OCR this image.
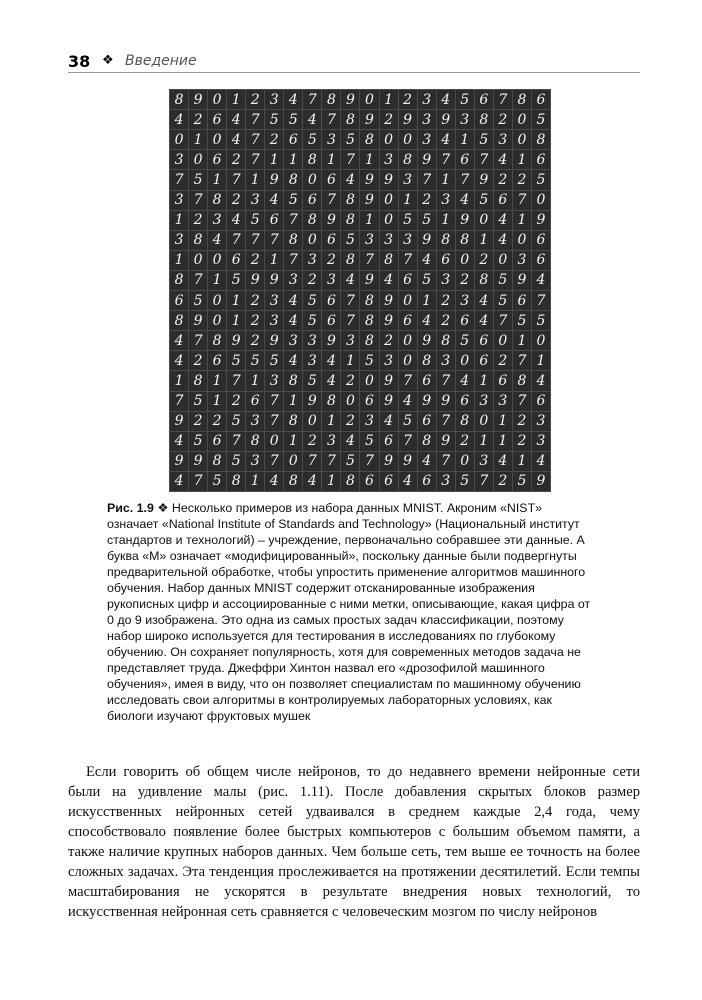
38 ❖ Введение
8 9 0 1 2 3 4 7 8 9 0 1 2 3 4 5 6 7 8 6
4 2 6 4 7 5 5 4 7 8 9 2 9 3 9 3 8 2 0 5
0 1 0 4 7 2 6 5 3 5 8 0 0 3 4 1 5 3 0 8
3 0 6 2 7 1 1 8 1 7 1 3 8 9 7 6 7 4 1 6
7 5 1 7 1 9 8 0 6 4 9 9 3 7 1 7 9 2 2 5
3 7 8 2 3 4 5 6 7 8 9 0 1 2 3 4 5 6 7 0
1 2 3 4 5 6 7 8 9 8 1 0 5 5 1 9 0 4 1 9
3 8 4 7 7 7 8 0 6 5 3 3 3 9 8 8 1 4 0 6
1 0 0 6 2 1 7 3 2 8 7 8 7 4 6 0 2 0 3 6
8 7 1 5 9 9 3 2 3 4 9 4 6 5 3 2 8 5 9 4
6 5 0 1 2 3 4 5 6 7 8 9 0 1 2 3 4 5 6 7
8 9 0 1 2 3 4 5 6 7 8 9 6 4 2 6 4 7 5 5
4 7 8 9 2 9 3 3 9 3 8 2 0 9 8 5 6 0 1 0
4 2 6 5 5 5 4 3 4 1 5 3 0 8 3 0 6 2 7 1
1 8 1 7 1 3 8 5 4 2 0 9 7 6 7 4 1 6 8 4
7 5 1 2 6 7 1 9 8 0 6 9 4 9 9 6 3 3 7 6
9 2 2 5 3 7 8 0 1 2 3 4 5 6 7 8 0 1 2 3
4 5 6 7 8 0 1 2 3 4 5 6 7 8 9 2 1 1 2 3
9 9 8 5 3 7 0 7 7 5 7 9 9 4 7 0 3 4 1 4
4 7 5 8 1 4 8 4 1 8 6 6 4 6 3 5 7 2 5 9
Рис. 1.9 ❖ Несколько примеров из набора данных MNIST. Акроним «NIST» означает «National Institute of Standards and Technology» (Национальный институт стандартов и технологий) – учреждение, первоначально собравшее эти данные. А буква «M» означает «модифицированный», поскольку данные были подвергнуты предварительной обработке, чтобы упростить применение алгоритмов машинного обучения. Набор данных MNIST содержит отсканированные изображения рукописных цифр и ассоциированные с ними метки, описывающие, какая цифра от 0 до 9 изображена. Это одна из самых простых задач классификации, поэтому набор широко используется для тестирования в исследованиях по глубокому обучению. Он сохраняет популярность, хотя для современных методов задача не представляет труда. Джеффри Хинтон назвал его «дрозофилой машинного обучения», имея в виду, что он позволяет специалистам по машинному обучению исследовать свои алгоритмы в контролируемых лабораторных условиях, как биологи изучают фруктовых мушек
Если говорить об общем числе нейронов, то до недавнего времени нейронные сети были на удивление малы (рис. 1.11). После добавления скрытых блоков размер искусственных нейронных сетей удваивался в среднем каждые 2,4 года, чему способствовало появление более быстрых компьютеров с большим объемом памяти, а также наличие крупных наборов данных. Чем больше сеть, тем выше ее точность на более сложных задачах. Эта тенденция прослеживается на протяжении десятилетий. Если темпы масштабирования не ускорятся в результате внедрения новых технологий, то искусственная нейронная сеть сравняется с человеческим мозгом по числу нейронов
